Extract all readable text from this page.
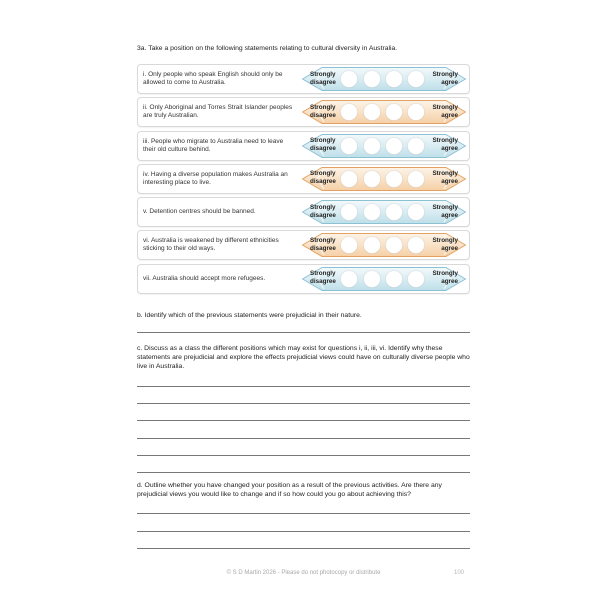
3a. Take a position on the following statements relating to cultural diversity in Australia.
i. Only people who speak English should only be allowed to come to Australia.
Strongly disagree
Strongly agree
ii. Only Aboriginal and Torres Strait Islander peoples are truly Australian.
Strongly disagree
Strongly agree
iii. People who migrate to Australia need to leave their old culture behind.
Strongly disagree
Strongly agree
iv. Having a diverse population makes Australia an interesting place to live.
Strongly disagree
Strongly agree
v. Detention centres should be banned.
Strongly disagree
Strongly agree
vi. Australia is weakened by different ethnicities sticking to their old ways.
Strongly disagree
Strongly agree
vii. Australia should accept more refugees.
Strongly disagree
Strongly agree
b. Identify which of the previous statements were prejudicial in their nature.
c. Discuss as a class the different positions which may exist for questions i, ii, iii, vi. Identify why these statements are prejudicial and explore the effects prejudicial views could have on culturally diverse people who live in Australia.
d. Outline whether you have changed your position as a result of the previous activities. Are there any prejudicial views you would like to change and if so how could you go about achieving this?
© S D Martin 2026 - Please do not photocopy or distribute	100
